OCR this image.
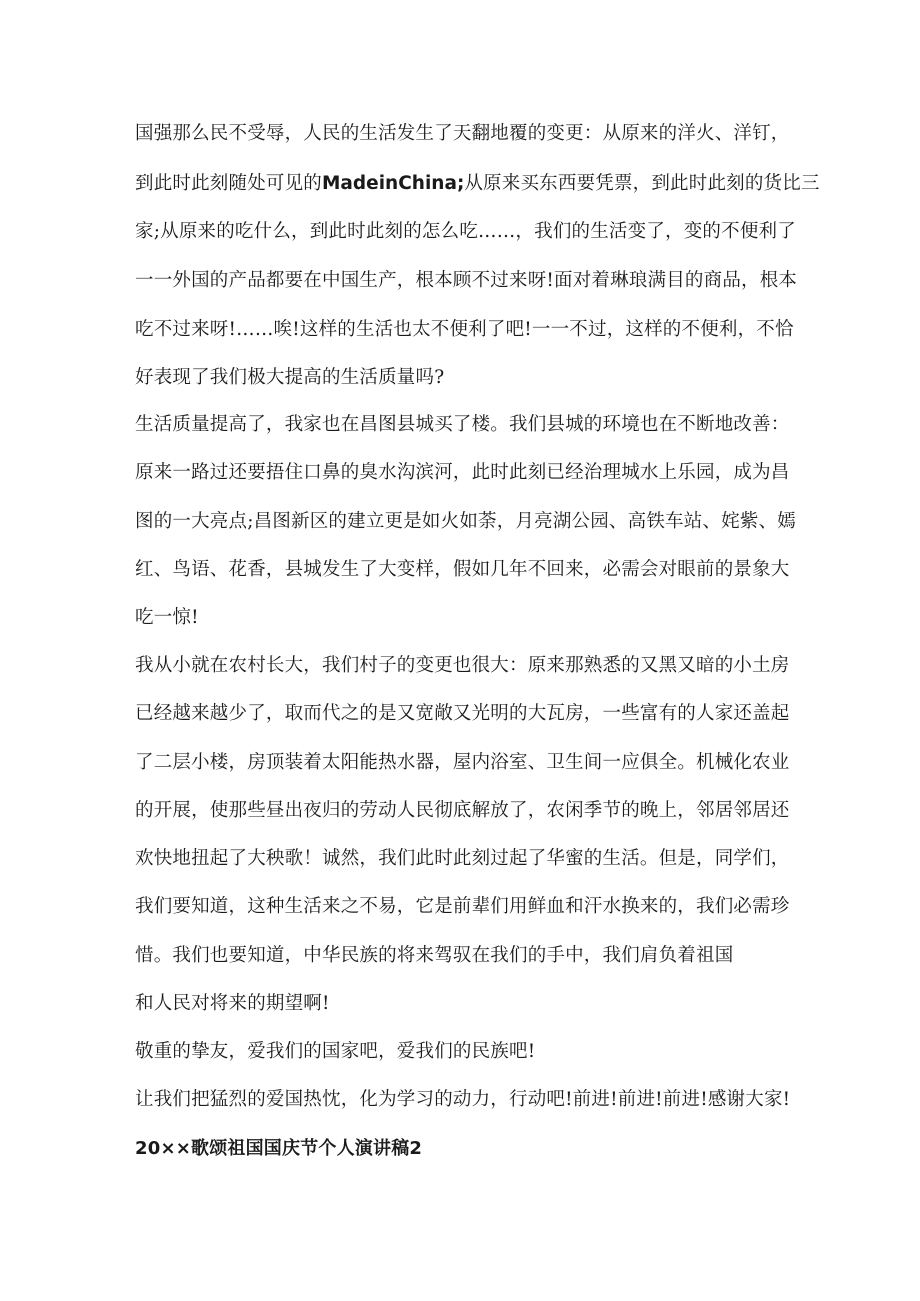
国强那么民不受辱，人民的生活发生了天翻地覆的变更：从原来的洋火、洋钉，
到此时此刻随处可见的MadeinChina;从原来买东西要凭票，到此时此刻的货比三
家;从原来的吃什么，到此时此刻的怎么吃……，我们的生活变了，变的不便利了
一一外国的产品都要在中国生产，根本顾不过来呀!面对着琳琅满目的商品，根本
吃不过来呀!……唉!这样的生活也太不便利了吧!一一不过，这样的不便利，不恰
好表现了我们极大提高的生活质量吗?
生活质量提高了，我家也在昌图县城买了楼。我们县城的环境也在不断地改善：
原来一路过还要捂住口鼻的臭水沟滨河，此时此刻已经治理城水上乐园，成为昌
图的一大亮点;昌图新区的建立更是如火如荼，月亮湖公园、高铁车站、姹紫、嫣
红、鸟语、花香，县城发生了大变样，假如几年不回来，必需会对眼前的景象大
吃一惊!
我从小就在农村长大，我们村子的变更也很大：原来那熟悉的又黑又暗的小土房
已经越来越少了，取而代之的是又宽敞又光明的大瓦房，一些富有的人家还盖起
了二层小楼，房顶装着太阳能热水器，屋内浴室、卫生间一应俱全。机械化农业
的开展，使那些昼出夜归的劳动人民彻底解放了，农闲季节的晚上，邻居邻居还
欢快地扭起了大秧歌！诚然，我们此时此刻过起了华蜜的生活。但是，同学们，
我们要知道，这种生活来之不易，它是前辈们用鲜血和汗水换来的，我们必需珍
惜。我们也要知道，中华民族的将来驾驭在我们的手中，我们肩负着祖国
和人民对将来的期望啊!
敬重的挚友，爱我们的国家吧，爱我们的民族吧!
让我们把猛烈的爱国热忱，化为学习的动力，行动吧!前进!前进!前进!感谢大家!
20××歌颂祖国国庆节个人演讲稿2
